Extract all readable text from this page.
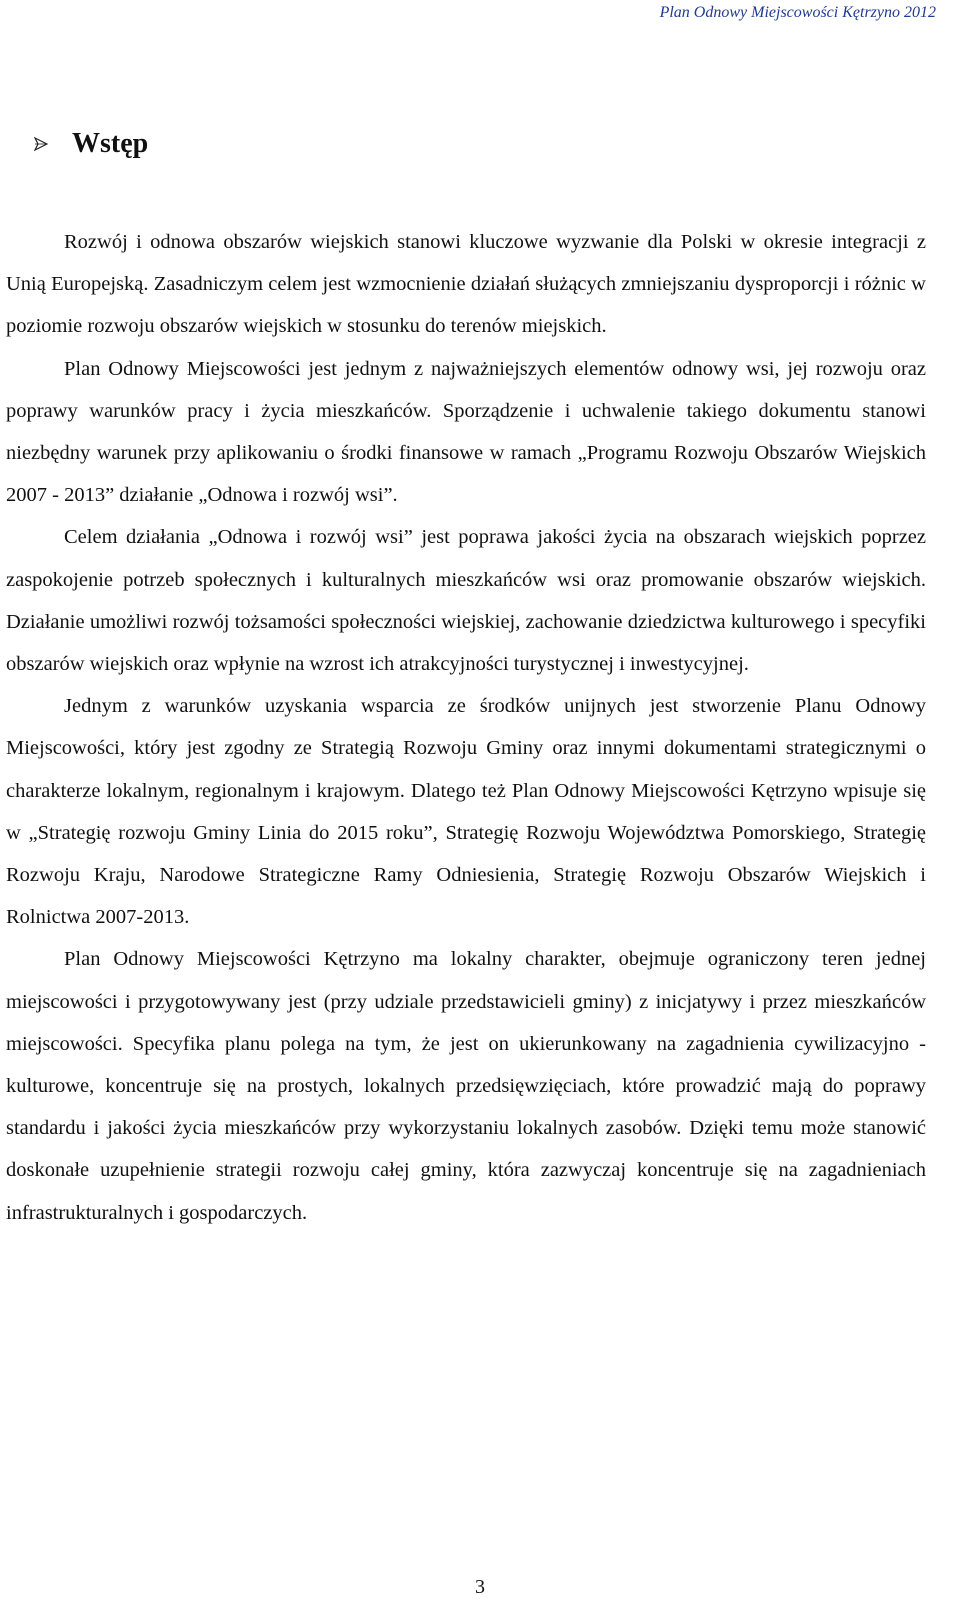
Plan Odnowy Miejscowości Kętrzyno 2012
Wstęp

Rozwój i odnowa obszarów wiejskich stanowi kluczowe wyzwanie dla Polski w okresie integracji z Unią Europejską. Zasadniczym celem jest wzmocnienie działań służących zmniejszaniu dysproporcji i różnic w poziomie rozwoju obszarów wiejskich w stosunku do terenów miejskich.

Plan Odnowy Miejscowości jest jednym z najważniejszych elementów odnowy wsi, jej rozwoju oraz poprawy warunków pracy i życia mieszkańców. Sporządzenie i uchwalenie takiego dokumentu stanowi niezbędny warunek przy aplikowaniu o środki finansowe w ramach „Programu Rozwoju Obszarów Wiejskich 2007 - 2013” działanie „Odnowa i rozwój wsi”.

Celem działania „Odnowa i rozwój wsi” jest poprawa jakości życia na obszarach wiejskich poprzez zaspokojenie potrzeb społecznych i kulturalnych mieszkańców wsi oraz promowanie obszarów wiejskich. Działanie umożliwi rozwój tożsamości społeczności wiejskiej, zachowanie dziedzictwa kulturowego i specyfiki obszarów wiejskich oraz wpłynie na wzrost ich atrakcyjności turystycznej i inwestycyjnej.

Jednym z warunków uzyskania wsparcia ze środków unijnych jest stworzenie Planu Odnowy Miejscowości, który jest zgodny ze Strategią Rozwoju Gminy oraz innymi dokumentami strategicznymi o charakterze lokalnym, regionalnym i krajowym. Dlatego też Plan Odnowy Miejscowości Kętrzyno wpisuje się w „Strategię rozwoju Gminy Linia do 2015 roku”, Strategię Rozwoju Województwa Pomorskiego, Strategię Rozwoju Kraju, Narodowe Strategiczne Ramy Odniesienia, Strategię Rozwoju Obszarów Wiejskich i Rolnictwa 2007-2013.

Plan Odnowy Miejscowości Kętrzyno ma lokalny charakter, obejmuje ograniczony teren jednej miejscowości i przygotowywany jest (przy udziale przedstawicieli gminy) z inicjatywy i przez mieszkańców miejscowości. Specyfika planu polega na tym, że jest on ukierunkowany na zagadnienia cywilizacyjno - kulturowe, koncentruje się na prostych, lokalnych przedsięwzięciach, które prowadzić mają do poprawy standardu i jakości życia mieszkańców przy wykorzystaniu lokalnych zasobów. Dzięki temu może stanowić doskonałe uzupełnienie strategii rozwoju całej gminy, która zazwyczaj koncentruje się na zagadnieniach infrastrukturalnych i gospodarczych.

3
